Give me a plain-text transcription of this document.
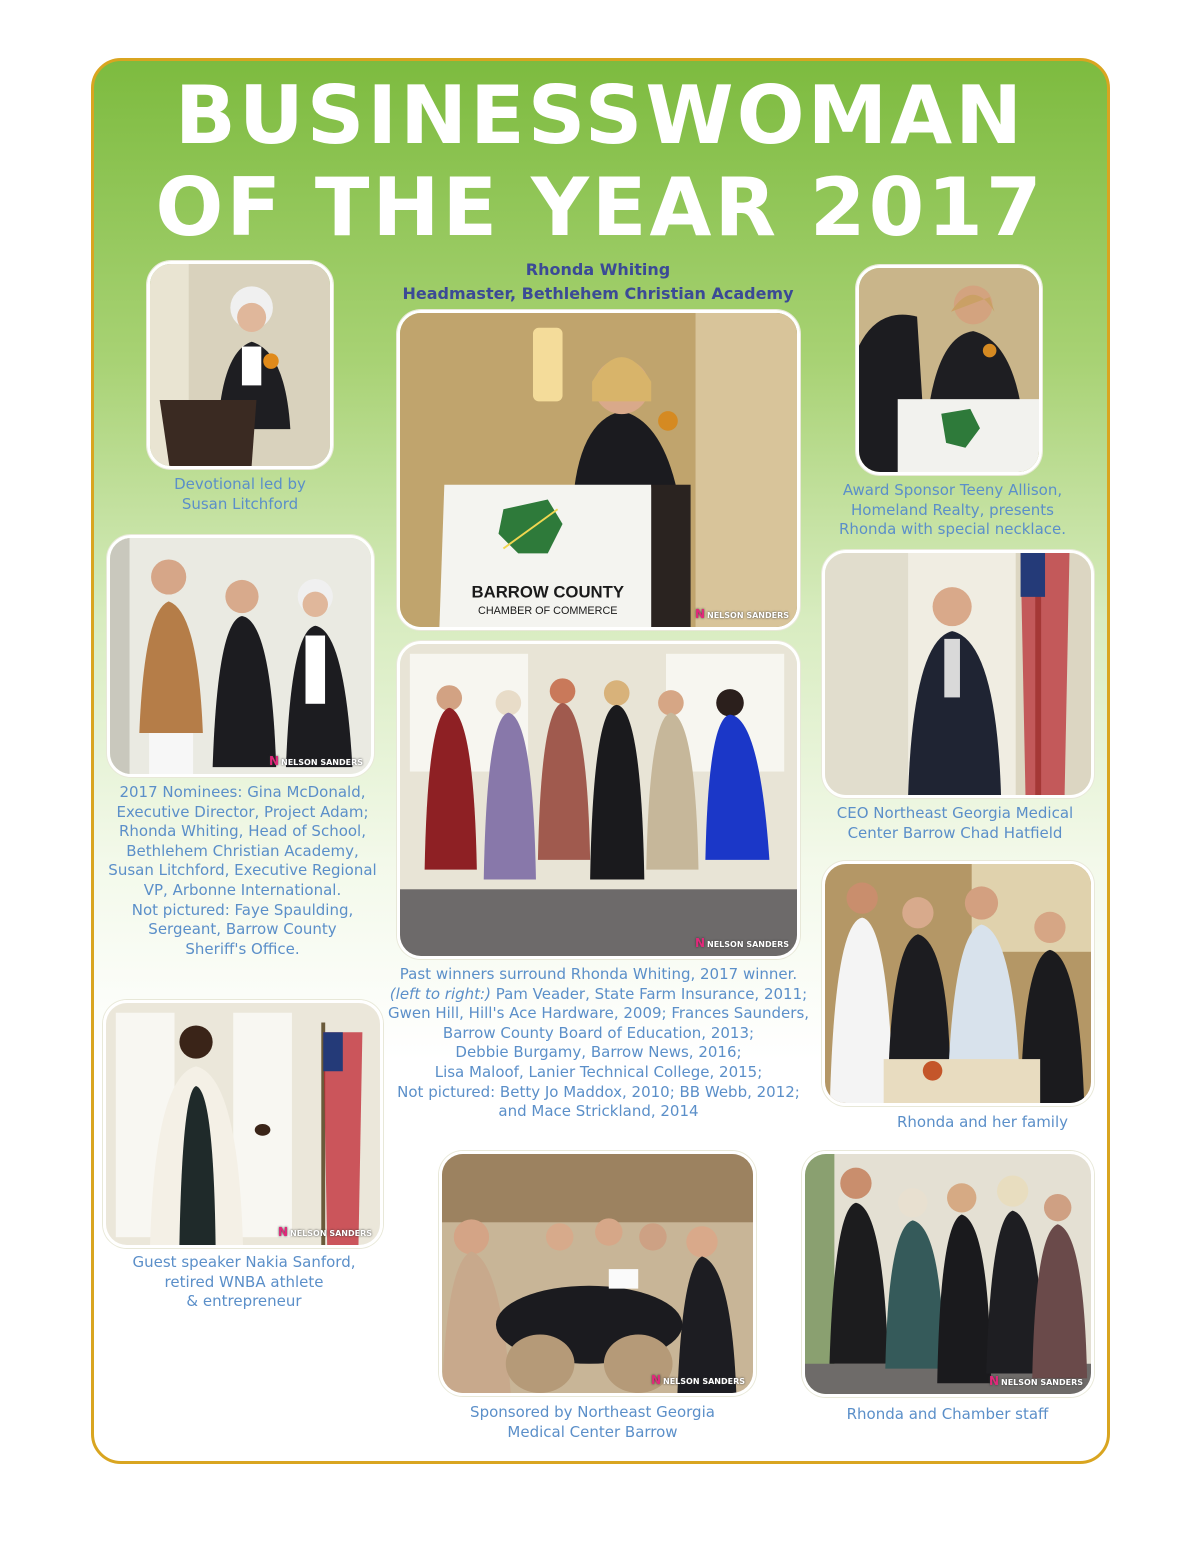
BUSINESSWOMAN
OF THE YEAR 2017
Rhonda Whiting
Headmaster, Bethlehem Christian Academy
Devotional led by
Susan Litchford
BARROW COUNTY
CHAMBER OF COMMERCE	NNELSON SANDERS
Award Sponsor Teeny Allison,
Homeland Realty, presents
Rhonda with special necklace.
NNELSON SANDERS
2017 Nominees: Gina McDonald,
Executive Director, Project Adam;
Rhonda Whiting, Head of School,
Bethlehem Christian Academy,
Susan Litchford, Executive Regional
VP, Arbonne International.
Not pictured: Faye Spaulding,
Sergeant, Barrow County
Sheriff's Office.
CEO Northeast Georgia Medical
Center Barrow Chad Hatfield
NNELSON SANDERS
Past winners surround Rhonda Whiting, 2017 winner.
(left to right:) Pam Veader, State Farm Insurance, 2011;
Gwen Hill, Hill's Ace Hardware, 2009; Frances Saunders,
Barrow County Board of Education, 2013;
Debbie Burgamy, Barrow News, 2016;
Lisa Maloof, Lanier Technical College, 2015;
Not pictured: Betty Jo Maddox, 2010; BB Webb, 2012;
and Mace Strickland, 2014
Rhonda and her family
NNELSON SANDERS
Guest speaker Nakia Sanford,
retired WNBA athlete
& entrepreneur
NNELSON SANDERS
Sponsored by Northeast Georgia
Medical Center Barrow
NNELSON SANDERS
Rhonda and Chamber staff
